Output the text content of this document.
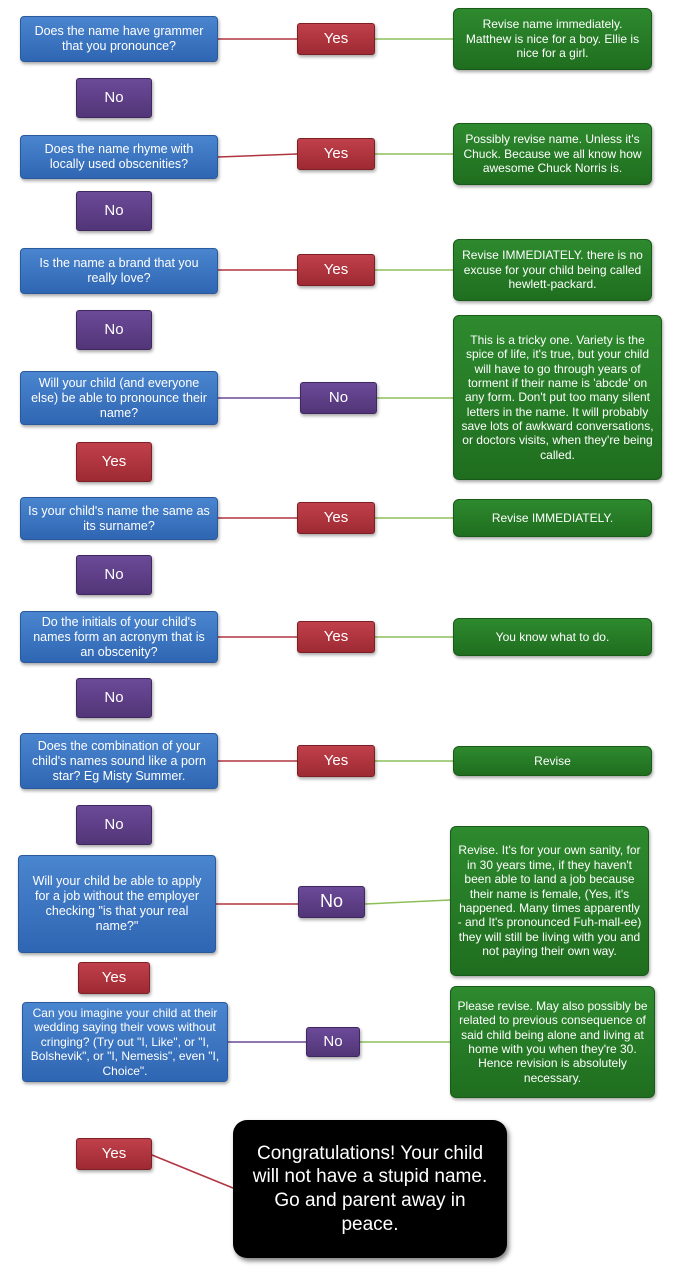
Does the name have grammer that you pronounce?	Yes
Revise name immediately. Matthew is nice for a boy. Ellie is nice for a girl.
No
Does the name rhyme with locally used obscenities?
Yes
Possibly revise name. Unless it's Chuck. Because we all know how awesome Chuck Norris is.
No
Is the name a brand that you really love?	Yes
Revise IMMEDIATELY. there is no excuse for your child being called hewlett-packard.
No
Will your child (and everyone else) be able to pronounce their name?
No
This is a tricky one. Variety is the spice of life, it's true, but your child will have to go through years of torment if their name is 'abcde' on any form. Don't put too many silent letters in the name. It will probably save lots of awkward conversations, or doctors visits, when they're being called.
Yes
Is your child's name the same as its surname?	Yes	Revise IMMEDIATELY.
No
Do the initials of your child's names form an acronym that is an obscenity?
Yes	You know what to do.
No
Does the combination of your child's names sound like a porn star? Eg Misty Summer.
Yes	Revise
No
Will your child be able to apply for a job without the employer checking "is that your real name?"
No
Revise. It's for your own sanity, for in 30 years time, if they haven't been able to land a job because their name is female, (Yes, it's happened. Many times apparently - and It's pronounced Fuh-mall-ee) they will still be living with you and not paying their own way.
Yes
Can you imagine your child at their wedding saying their vows without cringing? (Try out "I, Like", or "I, Bolshevik", or "I, Nemesis", even "I, Choice".
No
Please revise. May also possibly be related to previous consequence of said child being alone and living at home with you when they're 30. Hence revision is absolutely necessary.
Yes	Congratulations! Your child will not have a stupid name. Go and parent away in peace.
